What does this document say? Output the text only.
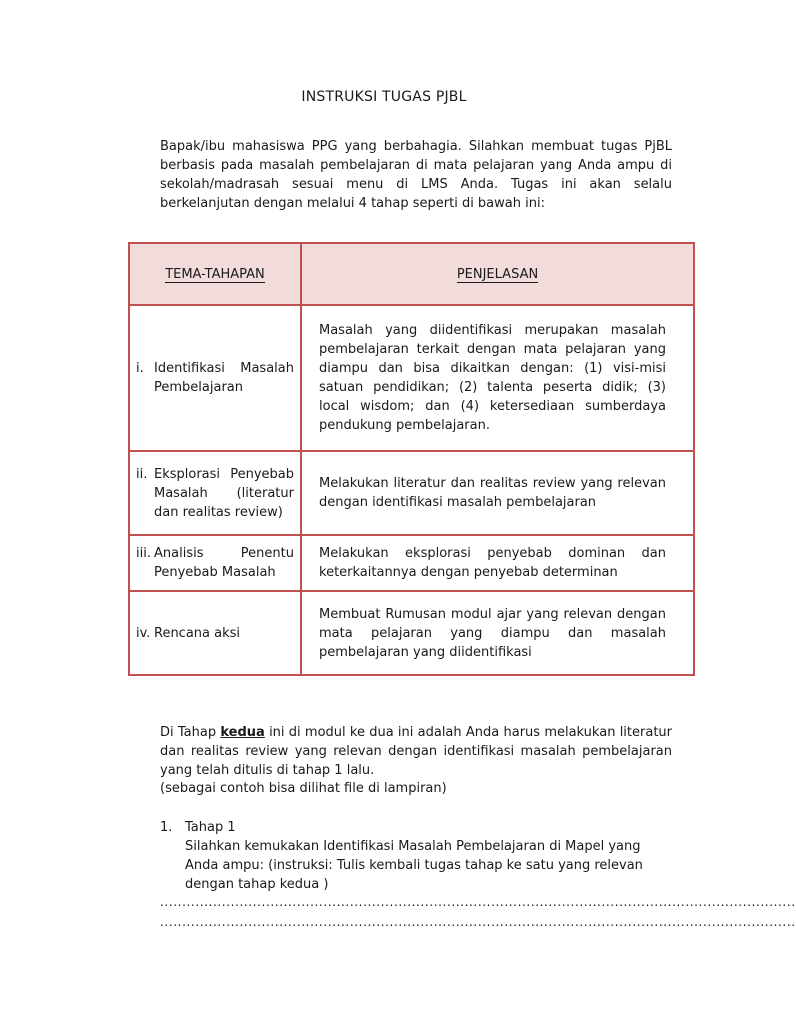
INSTRUKSI TUGAS PJBL

Bapak/ibu mahasiswa PPG yang berbahagia. Silahkan membuat tugas PjBL berbasis pada masalah pembelajaran di mata pelajaran yang Anda ampu di sekolah/madrasah sesuai menu di LMS Anda. Tugas ini akan selalu berkelanjutan dengan melalui 4 tahap seperti di bawah ini:

TEMA-TAHAPAN	PENJELASAN

i. Identifikasi Masalah Pembelajaran	Masalah yang diidentifikasi merupakan masalah pembelajaran terkait dengan mata pelajaran yang diampu dan bisa dikaitkan dengan: (1) visi-misi satuan pendidikan; (2) talenta peserta didik; (3) local wisdom; dan (4) ketersediaan sumberdaya pendukung pembelajaran.

ii. Eksplorasi Penyebab Masalah (literatur dan realitas review)	Melakukan literatur dan realitas review yang relevan dengan identifikasi masalah pembelajaran

iii. Analisis Penentu Penyebab Masalah	Melakukan eksplorasi penyebab dominan dan keterkaitannya dengan penyebab determinan

iv. Rencana aksi	Membuat Rumusan modul ajar yang relevan dengan mata pelajaran yang diampu dan masalah pembelajaran yang diidentifikasi

Di Tahap kedua ini di modul ke dua ini adalah Anda harus melakukan literatur dan realitas review yang relevan dengan identifikasi masalah pembelajaran yang telah ditulis di tahap 1 lalu.

(sebagai contoh bisa dilihat file di lampiran)

1. Tahap 1
Silahkan kemukakan Identifikasi Masalah Pembelajaran di Mapel yang Anda ampu: (instruksi: Tulis kembali tugas tahap ke satu yang relevan dengan tahap kedua )
................................................................................................................................................
................................................................................................................................................
